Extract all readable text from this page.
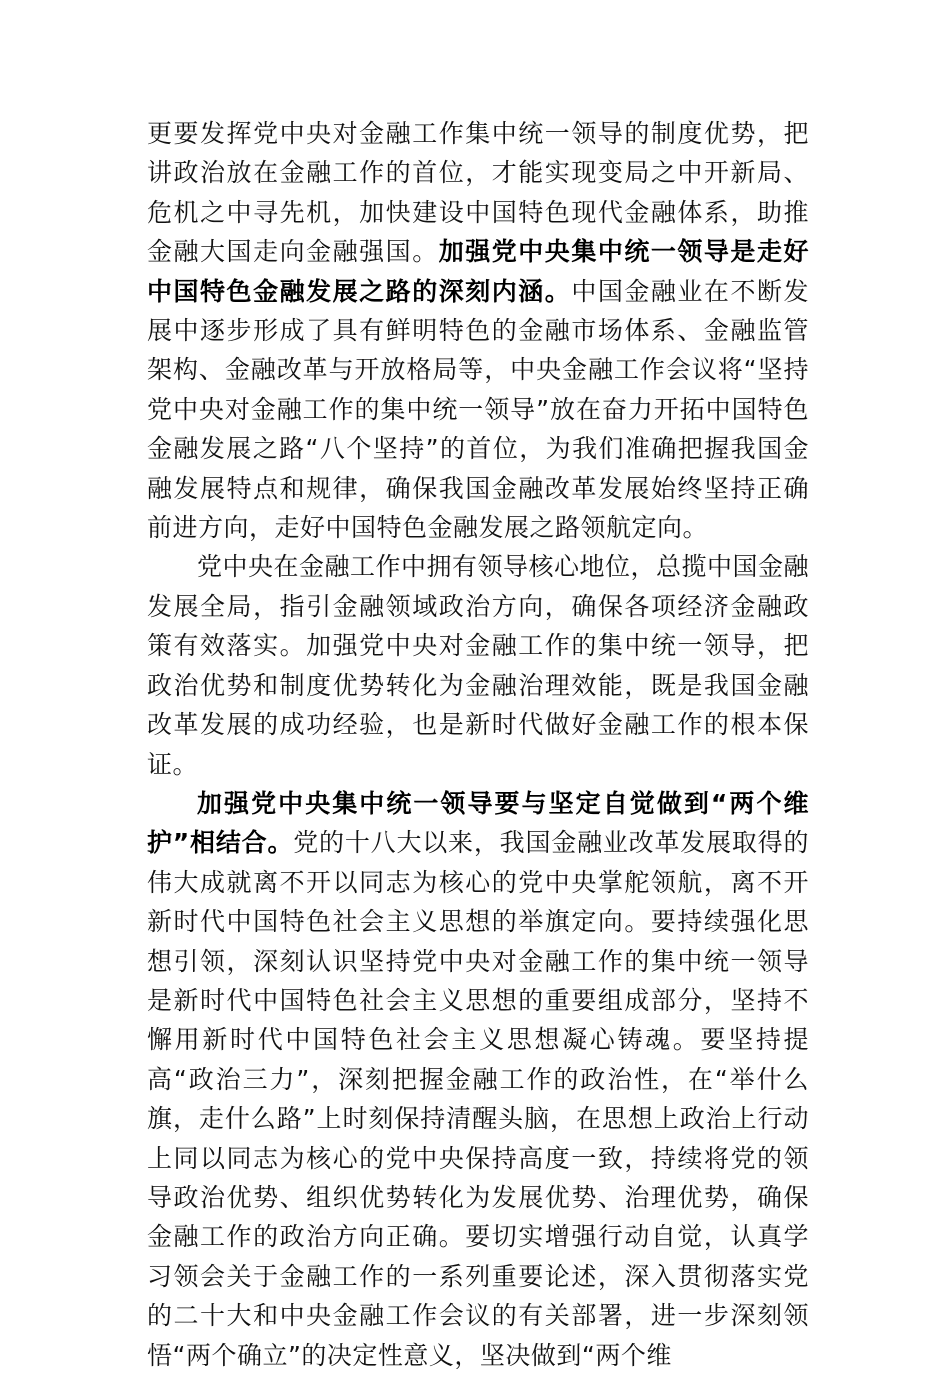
更要发挥党中央对金融工作集中统一领导的制度优势，把讲政治放在金融工作的首位，才能实现变局之中开新局、危机之中寻先机，加快建设中国特色现代金融体系，助推金融大国走向金融强国。加强党中央集中统一领导是走好中国特色金融发展之路的深刻内涵。中国金融业在不断发展中逐步形成了具有鲜明特色的金融市场体系、金融监管架构、金融改革与开放格局等，中央金融工作会议将“坚持党中央对金融工作的集中统一领导”放在奋力开拓中国特色金融发展之路“八个坚持”的首位，为我们准确把握我国金融发展特点和规律，确保我国金融改革发展始终坚持正确前进方向，走好中国特色金融发展之路领航定向。

党中央在金融工作中拥有领导核心地位，总揽中国金融发展全局，指引金融领域政治方向，确保各项经济金融政策有效落实。加强党中央对金融工作的集中统一领导，把政治优势和制度优势转化为金融治理效能，既是我国金融改革发展的成功经验，也是新时代做好金融工作的根本保证。

加强党中央集中统一领导要与坚定自觉做到“两个维护”相结合。党的十八大以来，我国金融业改革发展取得的伟大成就离不开以同志为核心的党中央掌舵领航，离不开新时代中国特色社会主义思想的举旗定向。要持续强化思想引领，深刻认识坚持党中央对金融工作的集中统一领导是新时代中国特色社会主义思想的重要组成部分，坚持不懈用新时代中国特色社会主义思想凝心铸魂。要坚持提高“政治三力”，深刻把握金融工作的政治性，在“举什么旗，走什么路”上时刻保持清醒头脑，在思想上政治上行动上同以同志为核心的党中央保持高度一致，持续将党的领导政治优势、组织优势转化为发展优势、治理优势，确保金融工作的政治方向正确。要切实增强行动自觉，认真学习领会关于金融工作的一系列重要论述，深入贯彻落实党的二十大和中央金融工作会议的有关部署，进一步深刻领悟“两个确立”的决定性意义，坚决做到“两个维
